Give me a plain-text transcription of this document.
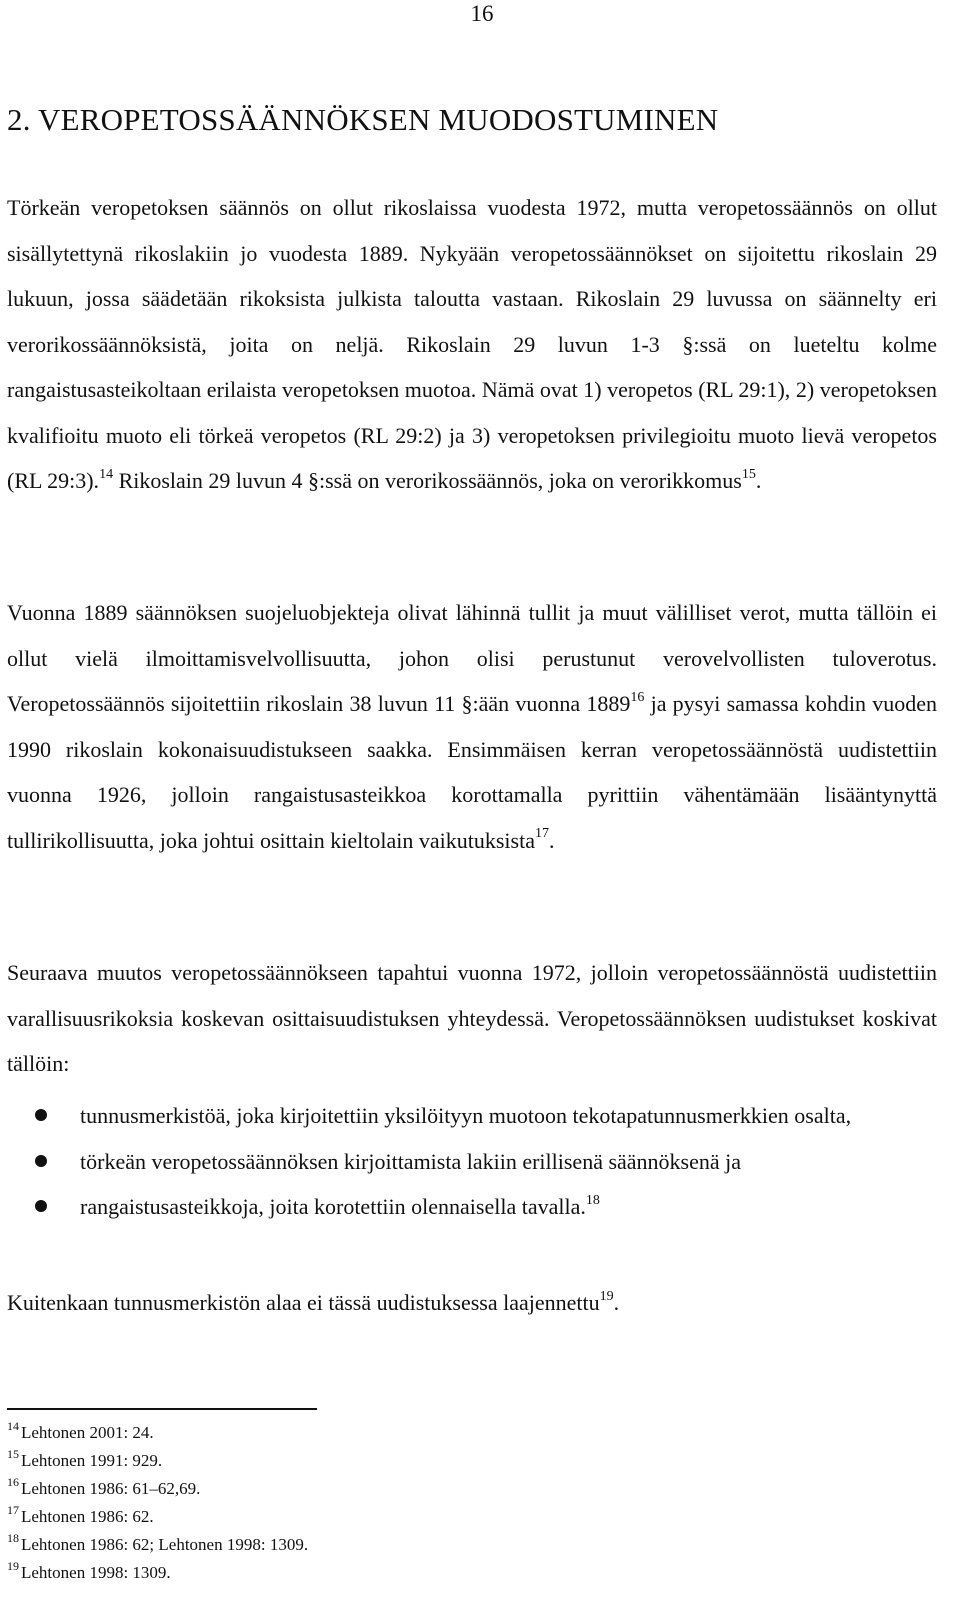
16
2. VEROPETOSSÄÄNNÖKSEN MUODOSTUMINEN
Törkeän veropetoksen säännös on ollut rikoslaissa vuodesta 1972, mutta veropetossäännös on ollut sisällytettynä rikoslakiin jo vuodesta 1889. Nykyään veropetossäännökset on sijoitettu rikoslain 29 lukuun, jossa säädetään rikoksista julkista taloutta vastaan. Rikoslain 29 luvussa on säännelty eri verorikossäännöksistä, joita on neljä. Rikoslain 29 luvun 1-3 §:ssä on lueteltu kolme rangaistusasteikoltaan erilaista veropetoksen muotoa. Nämä ovat 1) veropetos (RL 29:1), 2) veropetoksen kvalifioitu muoto eli törkeä veropetos (RL 29:2) ja 3) veropetoksen privilegioitu muoto lievä veropetos (RL 29:3).$^{14}$ Rikoslain 29 luvun 4 §:ssä on verorikossäännös, joka on verorikkomus$^{15}$.
Vuonna 1889 säännöksen suojeluobjekteja olivat lähinnä tullit ja muut välilliset verot, mutta tällöin ei ollut vielä ilmoittamisvelvollisuutta, johon olisi perustunut verovelvollisten tuloverotus. Veropetossäännös sijoitettiin rikoslain 38 luvun 11 §:ään vuonna 1889$^{16}$ ja pysyi samassa kohdin vuoden 1990 rikoslain kokonaisuudistukseen saakka. Ensimmäisen kerran veropetossäännöstä uudistettiin vuonna 1926, jolloin rangaistusasteikkoa korottamalla pyrittiin vähentämään lisääntynyttä tullirikollisuutta, joka johtui osittain kieltolain vaikutuksista$^{17}$.
Seuraava muutos veropetossäännökseen tapahtui vuonna 1972, jolloin veropetossäännöstä uudistettiin varallisuusrikoksia koskevan osittaisuudistuksen yhteydessä. Veropetossäännöksen uudistukset koskivat tällöin:
tunnusmerkistöä, joka kirjoitettiin yksilöityyn muotoon tekotapatunnusmerkkien osalta,
törkeän veropetossäännöksen kirjoittamista lakiin erillisenä säännöksenä ja
rangaistusasteikkoja, joita korotettiin olennaisella tavalla.$^{18}$
Kuitenkaan tunnusmerkistön alaa ei tässä uudistuksessa laajennettu$^{19}$.
$^{14}$ Lehtonen 2001: 24.
$^{15}$ Lehtonen 1991: 929.
$^{16}$ Lehtonen 1986: 61–62,69.
$^{17}$ Lehtonen 1986: 62.
$^{18}$ Lehtonen 1986: 62; Lehtonen 1998: 1309.
$^{19}$ Lehtonen 1998: 1309.
